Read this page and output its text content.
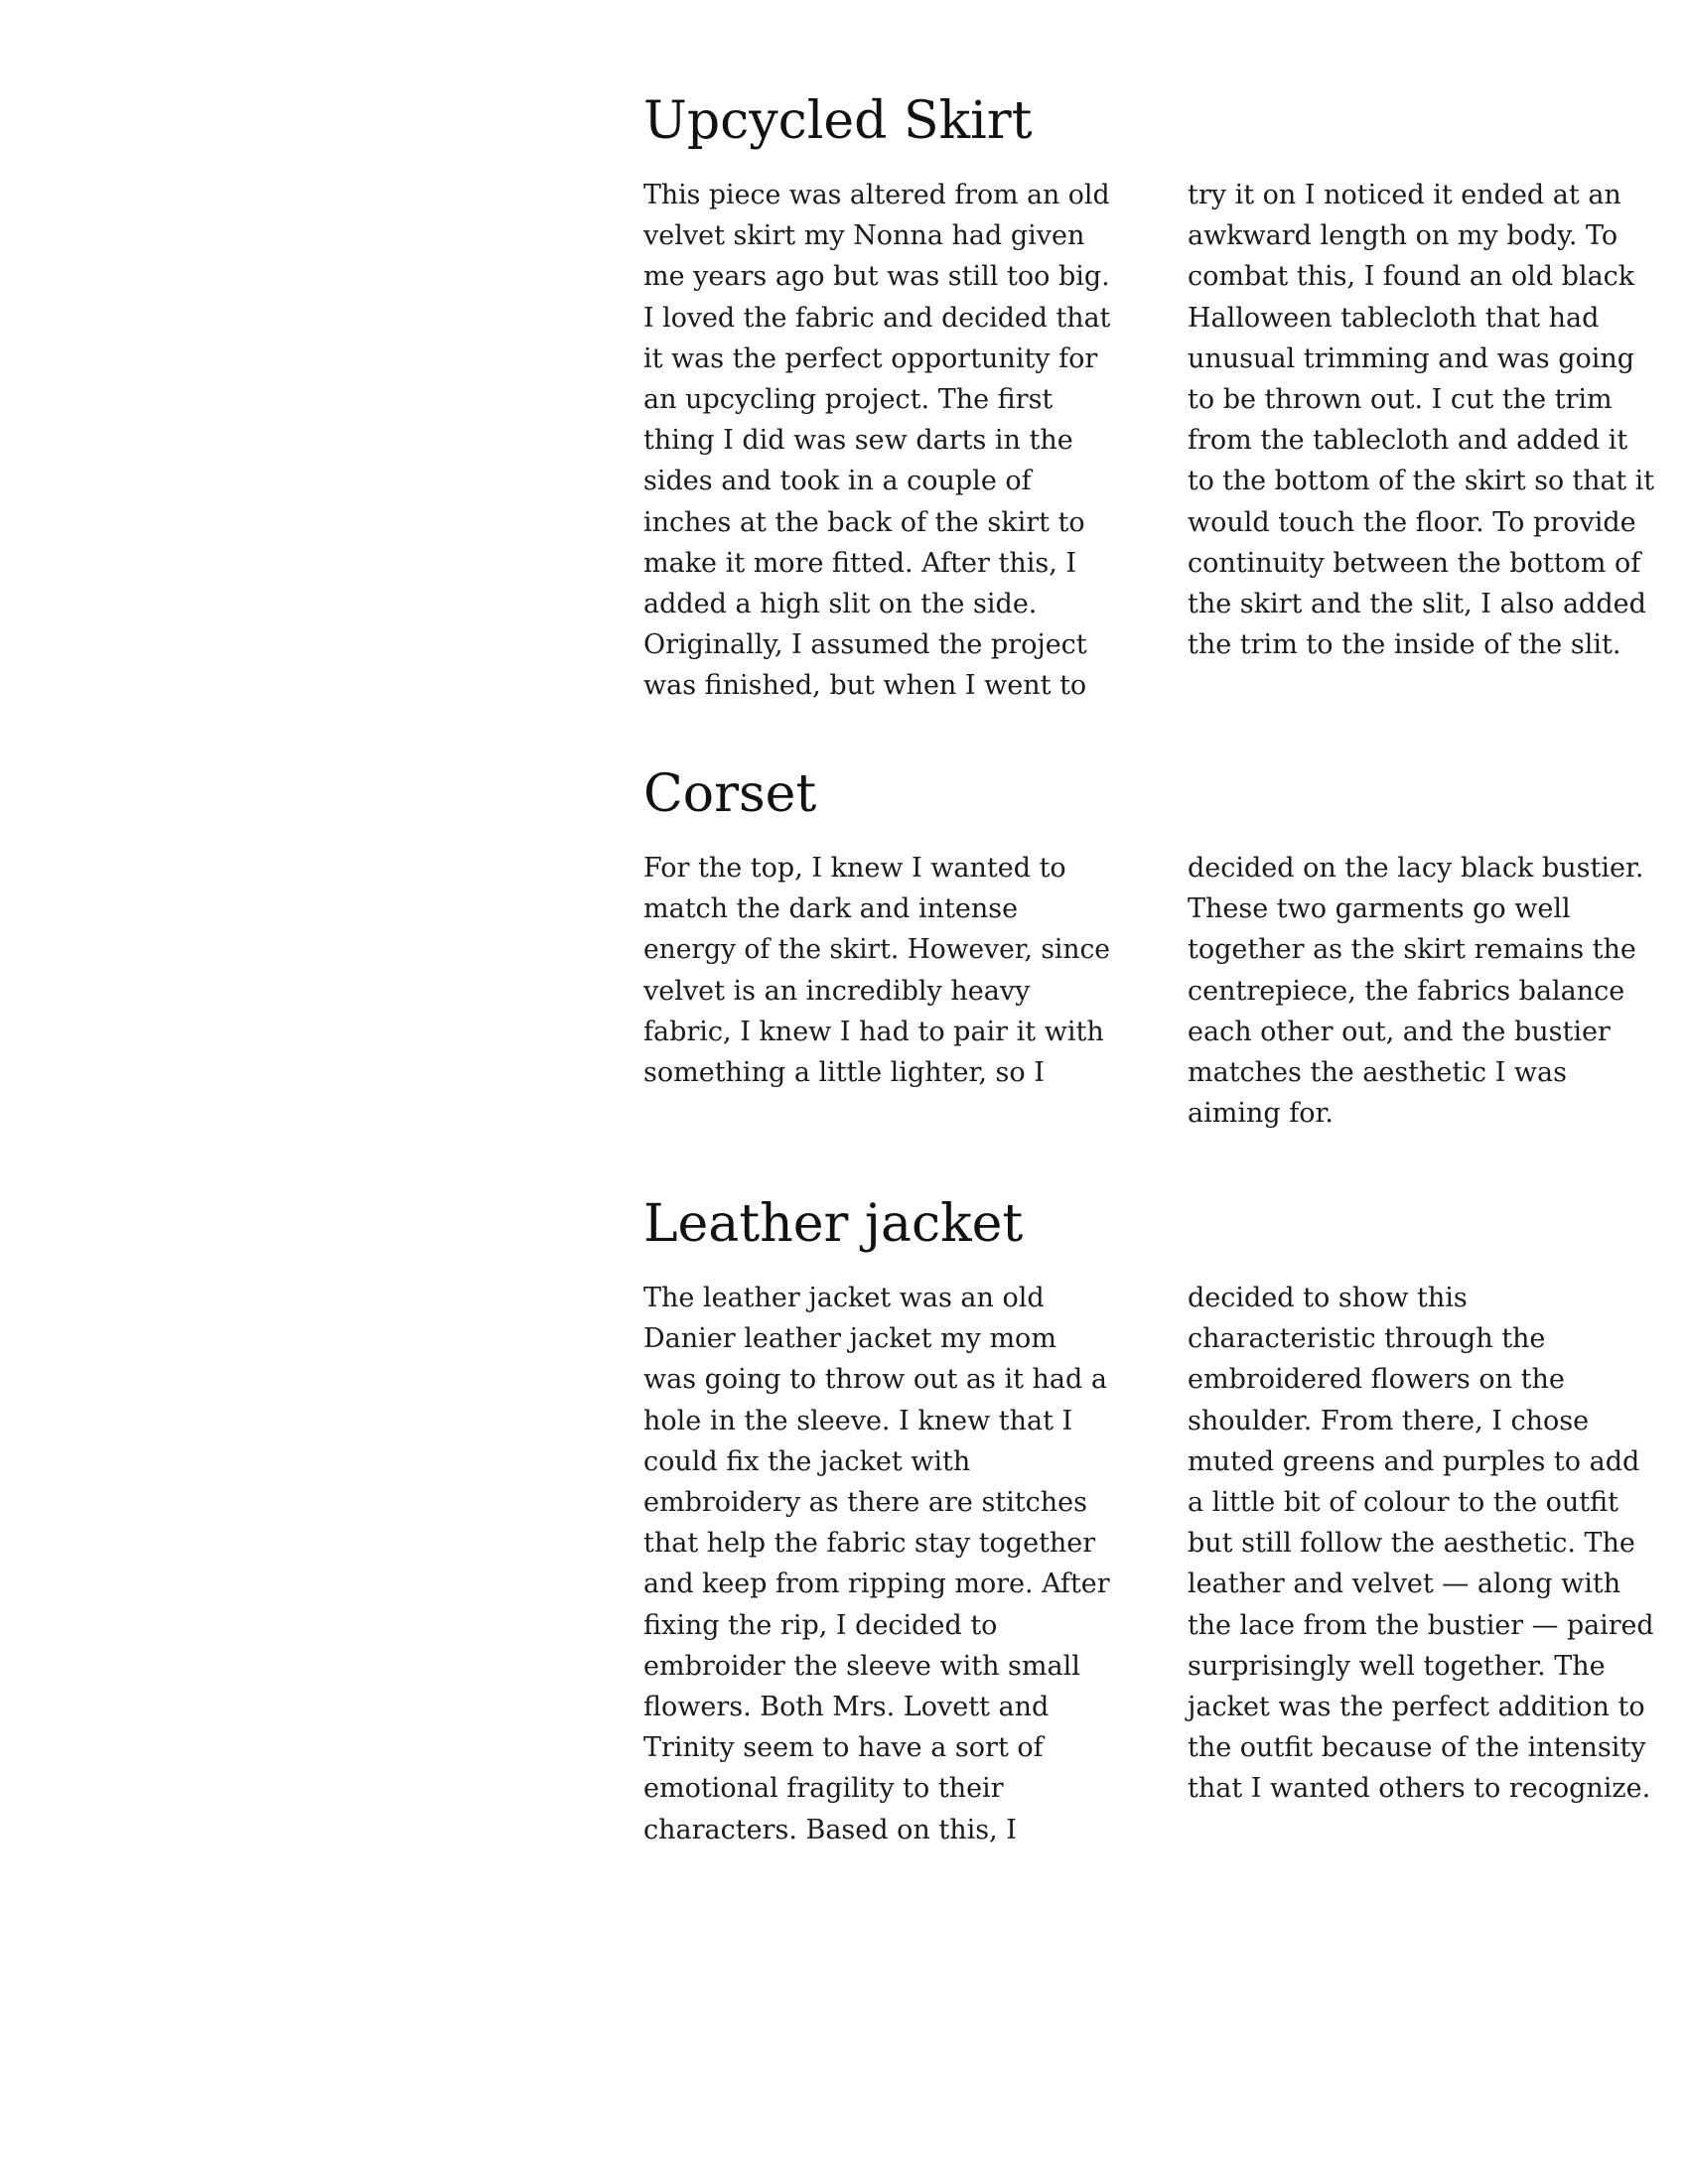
Upcycled Skirt
This piece was altered from an old
velvet skirt my Nonna had given
me years ago but was still too big.
I loved the fabric and decided that
it was the perfect opportunity for
an upcycling project. The first
thing I did was sew darts in the
sides and took in a couple of
inches at the back of the skirt to
make it more fitted. After this, I
added a high slit on the side.
Originally, I assumed the project
was finished, but when I went to
try it on I noticed it ended at an
awkward length on my body. To
combat this, I found an old black
Halloween tablecloth that had
unusual trimming and was going
to be thrown out. I cut the trim
from the tablecloth and added it
to the bottom of the skirt so that it
would touch the floor. To provide
continuity between the bottom of
the skirt and the slit, I also added
the trim to the inside of the slit.
Corset
For the top, I knew I wanted to
match the dark and intense
energy of the skirt. However, since
velvet is an incredibly heavy
fabric, I knew I had to pair it with
something a little lighter, so I
decided on the lacy black bustier.
These two garments go well
together as the skirt remains the
centrepiece, the fabrics balance
each other out, and the bustier
matches the aesthetic I was
aiming for.
Leather jacket
The leather jacket was an old
Danier leather jacket my mom
was going to throw out as it had a
hole in the sleeve. I knew that I
could fix the jacket with
embroidery as there are stitches
that help the fabric stay together
and keep from ripping more. After
fixing the rip, I decided to
embroider the sleeve with small
flowers. Both Mrs. Lovett and
Trinity seem to have a sort of
emotional fragility to their
characters. Based on this, I
decided to show this
characteristic through the
embroidered flowers on the
shoulder. From there, I chose
muted greens and purples to add
a little bit of colour to the outfit
but still follow the aesthetic. The
leather and velvet — along with
the lace from the bustier — paired
surprisingly well together. The
jacket was the perfect addition to
the outfit because of the intensity
that I wanted others to recognize.
